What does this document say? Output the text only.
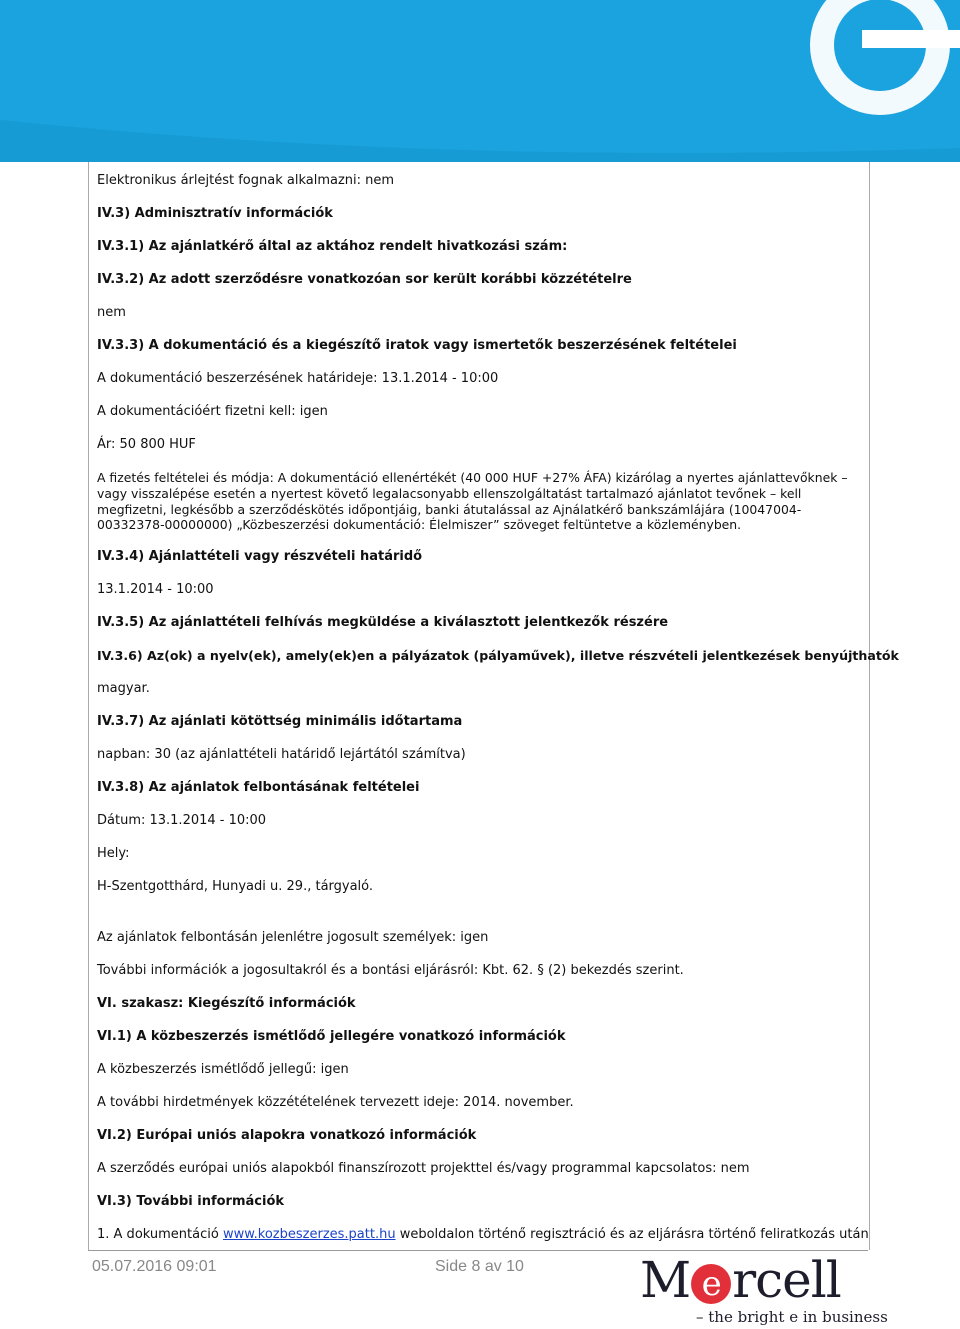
Elektronikus árlejtést fognak alkalmazni: nem
IV.3) Adminisztratív információk
IV.3.1) Az ajánlatkérő által az aktához rendelt hivatkozási szám:
IV.3.2) Az adott szerződésre vonatkozóan sor került korábbi közzétételre
nem
IV.3.3) A dokumentáció és a kiegészítő iratok vagy ismertetők beszerzésének feltételei
A dokumentáció beszerzésének határideje: 13.1.2014 - 10:00
A dokumentációért fizetni kell: igen
Ár: 50 800 HUF
A fizetés feltételei és módja: A dokumentáció ellenértékét (40 000 HUF +27% ÁFA) kizárólag a nyertes ajánlattevőknek – vagy visszalépése esetén a nyertest követő legalacsonyabb ellenszolgáltatást tartalmazó ajánlatot tevőnek – kell megfizetni, legkésőbb a szerződéskötés időpontjáig, banki átutalással az Ajnálatkérő bankszámlájára (10047004-00332378-00000000) „Közbeszerzési dokumentáció: Élelmiszer” szöveget feltüntetve a közleményben.
IV.3.4) Ajánlattételi vagy részvételi határidő
13.1.2014 - 10:00
IV.3.5) Az ajánlattételi felhívás megküldése a kiválasztott jelentkezők részére
IV.3.6) Az(ok) a nyelv(ek), amely(ek)en a pályázatok (pályaművek), illetve részvételi jelentkezések benyújthatók
magyar.
IV.3.7) Az ajánlati kötöttség minimális időtartama
napban: 30 (az ajánlattételi határidő lejártától számítva)
IV.3.8) Az ajánlatok felbontásának feltételei
Dátum: 13.1.2014 - 10:00
Hely:
H-Szentgotthárd, Hunyadi u. 29., tárgyaló.
Az ajánlatok felbontásán jelenlétre jogosult személyek: igen
További információk a jogosultakról és a bontási eljárásról: Kbt. 62. § (2) bekezdés szerint.
VI. szakasz: Kiegészítő információk
VI.1) A közbeszerzés ismétlődő jellegére vonatkozó információk
A közbeszerzés ismétlődő jellegű: igen
A további hirdetmények közzétételének tervezett ideje: 2014. november.
VI.2) Európai uniós alapokra vonatkozó információk
A szerződés európai uniós alapokból finanszírozott projekttel és/vagy programmal kapcsolatos: nem
VI.3) További információk
1. A dokumentáció www.kozbeszerzes.patt.hu weboldalon történő regisztráció és az eljárásra történő feliratkozás után
05.07.2016 09:01	Side 8 av 10 M e rcell
– the bright e in business
